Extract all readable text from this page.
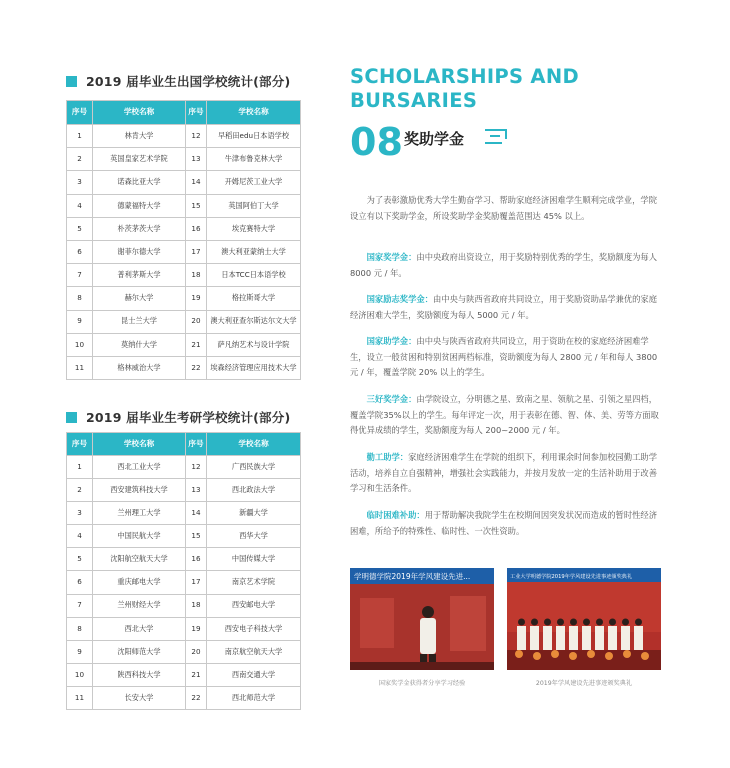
2019 届毕业生出国学校统计(部分)
序号	学校名称	序号	学校名称
1	林肯大学	12	早稻田edu日本语学校
2	英国皇家艺术学院	13	牛津布鲁克林大学
3	诺森比亚大学	14	开姆尼茨工业大学
4	德蒙福特大学	15	英国阿伯丁大学
5	朴茨茅茨大学	16	埃克赛特大学
6	谢菲尔德大学	17	澳大利亚蒙纳士大学
7	普利茅斯大学	18	日本TCC日本语学校
8	赫尔大学	19	格拉斯哥大学
9	昆士兰大学	20	澳大利亚查尔斯达尔文大学
10	莫纳什大学	21	萨凡纳艺术与设计学院
11	格林威治大学	22	埃森经济管理应用技术大学
2019 届毕业生考研学校统计(部分)
序号	学校名称	序号	学校名称
1	西北工业大学	12	广西民族大学
2	西安建筑科技大学	13	西北政法大学
3	兰州理工大学	14	新疆大学
4	中国民航大学	15	西华大学
5	沈阳航空航天大学	16	中国传媒大学
6	重庆邮电大学	17	南京艺术学院
7	兰州财经大学	18	西安邮电大学
8	西北大学	19	西安电子科技大学
9	沈阳师范大学	20	南京航空航天大学
10	陕西科技大学	21	西南交通大学
11	长安大学	22	西北师范大学
SCHOLARSHIPS AND
BURSARIES
08 奖助学金

为了表彰激励优秀大学生勤奋学习、帮助家庭经济困难学生顺利完成学业，学院设立有以下奖助学金，所设奖助学金奖励覆盖范围达 45% 以上。

国家奖学金：由中央政府出资设立，用于奖励特别优秀的学生，奖励额度为每人 8000 元 / 年。

国家励志奖学金：由中央与陕西省政府共同设立，用于奖励资助品学兼优的家庭经济困难大学生，奖励额度为每人 5000 元 / 年。

国家助学金：由中央与陕西省政府共同设立，用于资助在校的家庭经济困难学生，设立一般贫困和特别贫困两档标准，资助额度为每人 2800 元 / 年和每人 3800 元 / 年，覆盖学院 20% 以上的学生。

三好奖学金：由学院设立，分明德之星、致南之星、领航之星、引领之星四档，覆盖学院35%以上的学生。每年评定一次，用于表彰在德、智、体、美、劳等方面取得优异成绩的学生，奖励额度为每人 200~2000 元 / 年。

勤工助学：家庭经济困难学生在学院的组织下，利用课余时间参加校园勤工助学活动，培养自立自强精神，增强社会实践能力，并按月发放一定的生活补助用于改善学习和生活条件。

临时困难补助：用于帮助解决我院学生在校期间因突发状况而造成的暂时性经济困难，所给予的特殊性、临时性、一次性资助。

学明德学院2019年学风建设先进...
国家奖学金获得者分享学习经验
工业大学明德学院2019年学风建设先进事迹颁奖典礼
2019年学风建设先进事迹颁奖典礼
